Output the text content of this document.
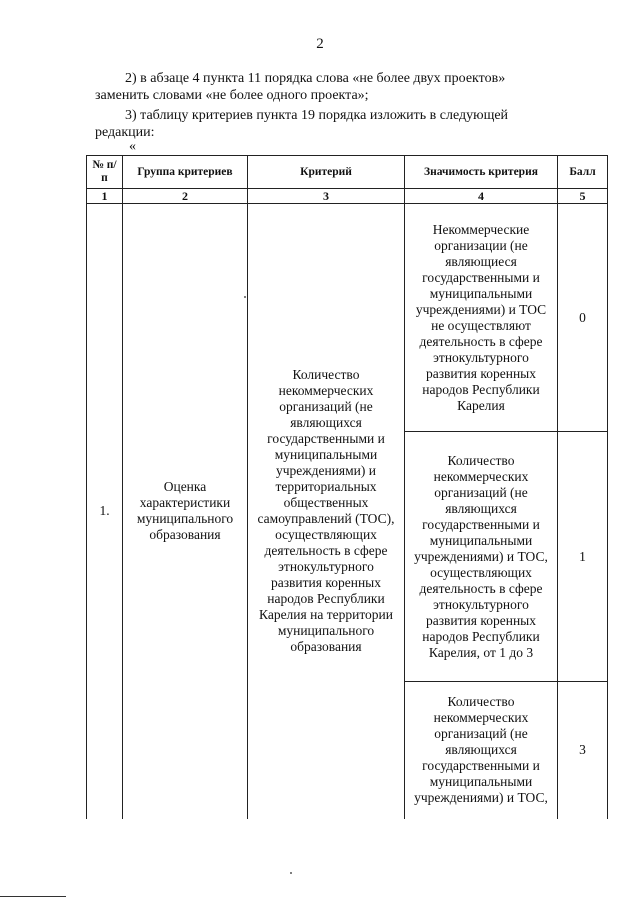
2
2) в абзаце 4 пункта 11 порядка слова «не более двух проектов»
заменить словами «не более одного проекта»;
3) таблицу критериев пункта 19 порядка изложить в следующей
редакции:
«
№ п/п	Группа критериев	Критерий	Значимость критерия	Балл
1	2	3	4	5
1.	Оценка характеристики муниципального образования	Количество некоммерческих организаций (не являющихся государственными и муниципальными учреждениями) и территориальных общественных самоуправлений (ТОС), осуществляющих деятельность в сфере этнокультурного развития коренных народов Республики Карелия на территории муниципального образования	Некоммерческие организации (не являющиеся государственными и муниципальными учреждениями) и ТОС не осуществляют деятельность в сфере этнокультурного развития коренных народов Республики Карелия	0
			Количество некоммерческих организаций (не являющихся государственными и муниципальными учреждениями) и ТОС, осуществляющих деятельность в сфере этнокультурного развития коренных народов Республики Карелия, от 1 до 3	1
			Количество некоммерческих организаций (не являющихся государственными и муниципальными учреждениями) и ТОС,	3
